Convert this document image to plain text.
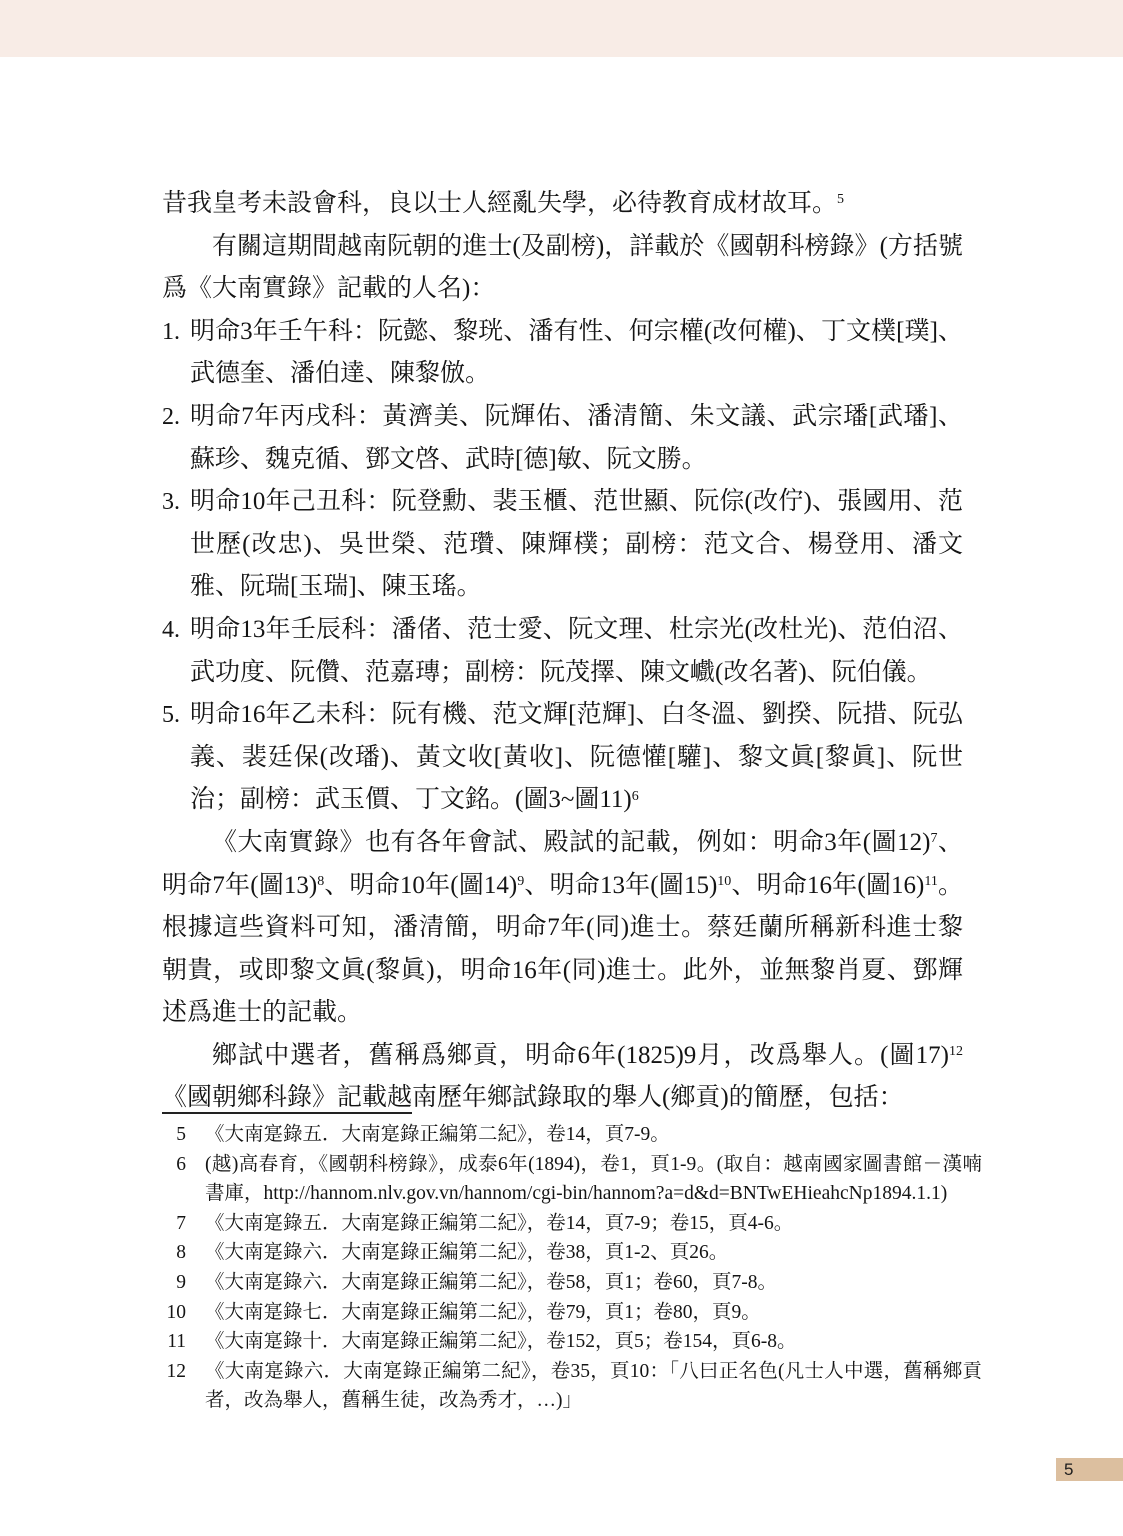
昔我皇考未設會科，良以士人經亂失學，必待教育成材故耳。$^5$

有關這期間越南阮朝的進士(及副榜)，詳載於《國朝科榜錄》(方括號爲《大南實錄》記載的人名)：

1. 明命3年壬午科：阮懿、黎珖、潘有性、何宗權(改何權)、丁文樸[璞]、武德奎、潘伯達、陳黎倣。
2. 明命7年丙戌科：黃濟美、阮輝佑、潘清簡、朱文議、武宗璠[武璠]、蘇珍、魏克循、鄧文啓、武時[德]敏、阮文勝。
3. 明命10年己丑科：阮登勳、裴玉櫃、范世顯、阮倧(改佇)、張國用、范世歷(改忠)、吳世榮、范瓚、陳輝樸；副榜：范文合、楊登用、潘文雅、阮瑞[玉瑞]、陳玉瑤。
4. 明命13年壬辰科：潘偖、范士愛、阮文理、杜宗光(改杜光)、范伯沼、武功度、阮儹、范嘉瑼；副榜：阮茂擇、陳文巇(改名著)、阮伯儀。
5. 明命16年乙未科：阮有機、范文輝[范輝]、白冬溫、劉揆、阮措、阮弘義、裴廷保(改璠)、黃文收[黃收]、阮德懽[驩]、黎文眞[黎眞]、阮世治；副榜：武玉價、丁文銘。(圖3~圖11)$^6$

《大南實錄》也有各年會試、殿試的記載，例如：明命3年(圖12)$^7$、明命7年(圖13)$^8$、明命10年(圖14)$^9$、明命13年(圖15)$^{10}$、明命16年(圖16)$^{11}$。根據這些資料可知，潘清簡，明命7年(同)進士。蔡廷蘭所稱新科進士黎朝貴，或即黎文眞(黎眞)，明命16年(同)進士。此外，並無黎肖夏、鄧輝述爲進士的記載。

鄉試中選者，舊稱爲鄉貢，明命6年(1825)9月，改爲舉人。(圖17)$^{12}$《國朝鄉科錄》記載越南歷年鄉試錄取的舉人(鄉貢)的簡歷，包括：

5 《大南寔錄五．大南寔錄正編第二紀》，卷14，頁7-9。
6 (越)高春育，《國朝科榜錄》，成泰6年(1894)，卷1，頁1-9。(取自：越南國家圖書館－漢喃書庫，http://hannom.nlv.gov.vn/hannom/cgi-bin/hannom?a=d&d=BNTwEHieahcNp1894.1.1)
7 《大南寔錄五．大南寔錄正編第二紀》，卷14，頁7-9；卷15，頁4-6。
8 《大南寔錄六．大南寔錄正編第二紀》，卷38，頁1-2、頁26。
9 《大南寔錄六．大南寔錄正編第二紀》，卷58，頁1；卷60，頁7-8。
10 《大南寔錄七．大南寔錄正編第二紀》，卷79，頁1；卷80，頁9。
11 《大南寔錄十．大南寔錄正編第二紀》，卷152，頁5；卷154，頁6-8。
12 《大南寔錄六．大南寔錄正編第二紀》，卷35，頁10：「八曰正名色(凡士人中選，舊稱鄉貢者，改為舉人，舊稱生徒，改為秀才，…)」
5
